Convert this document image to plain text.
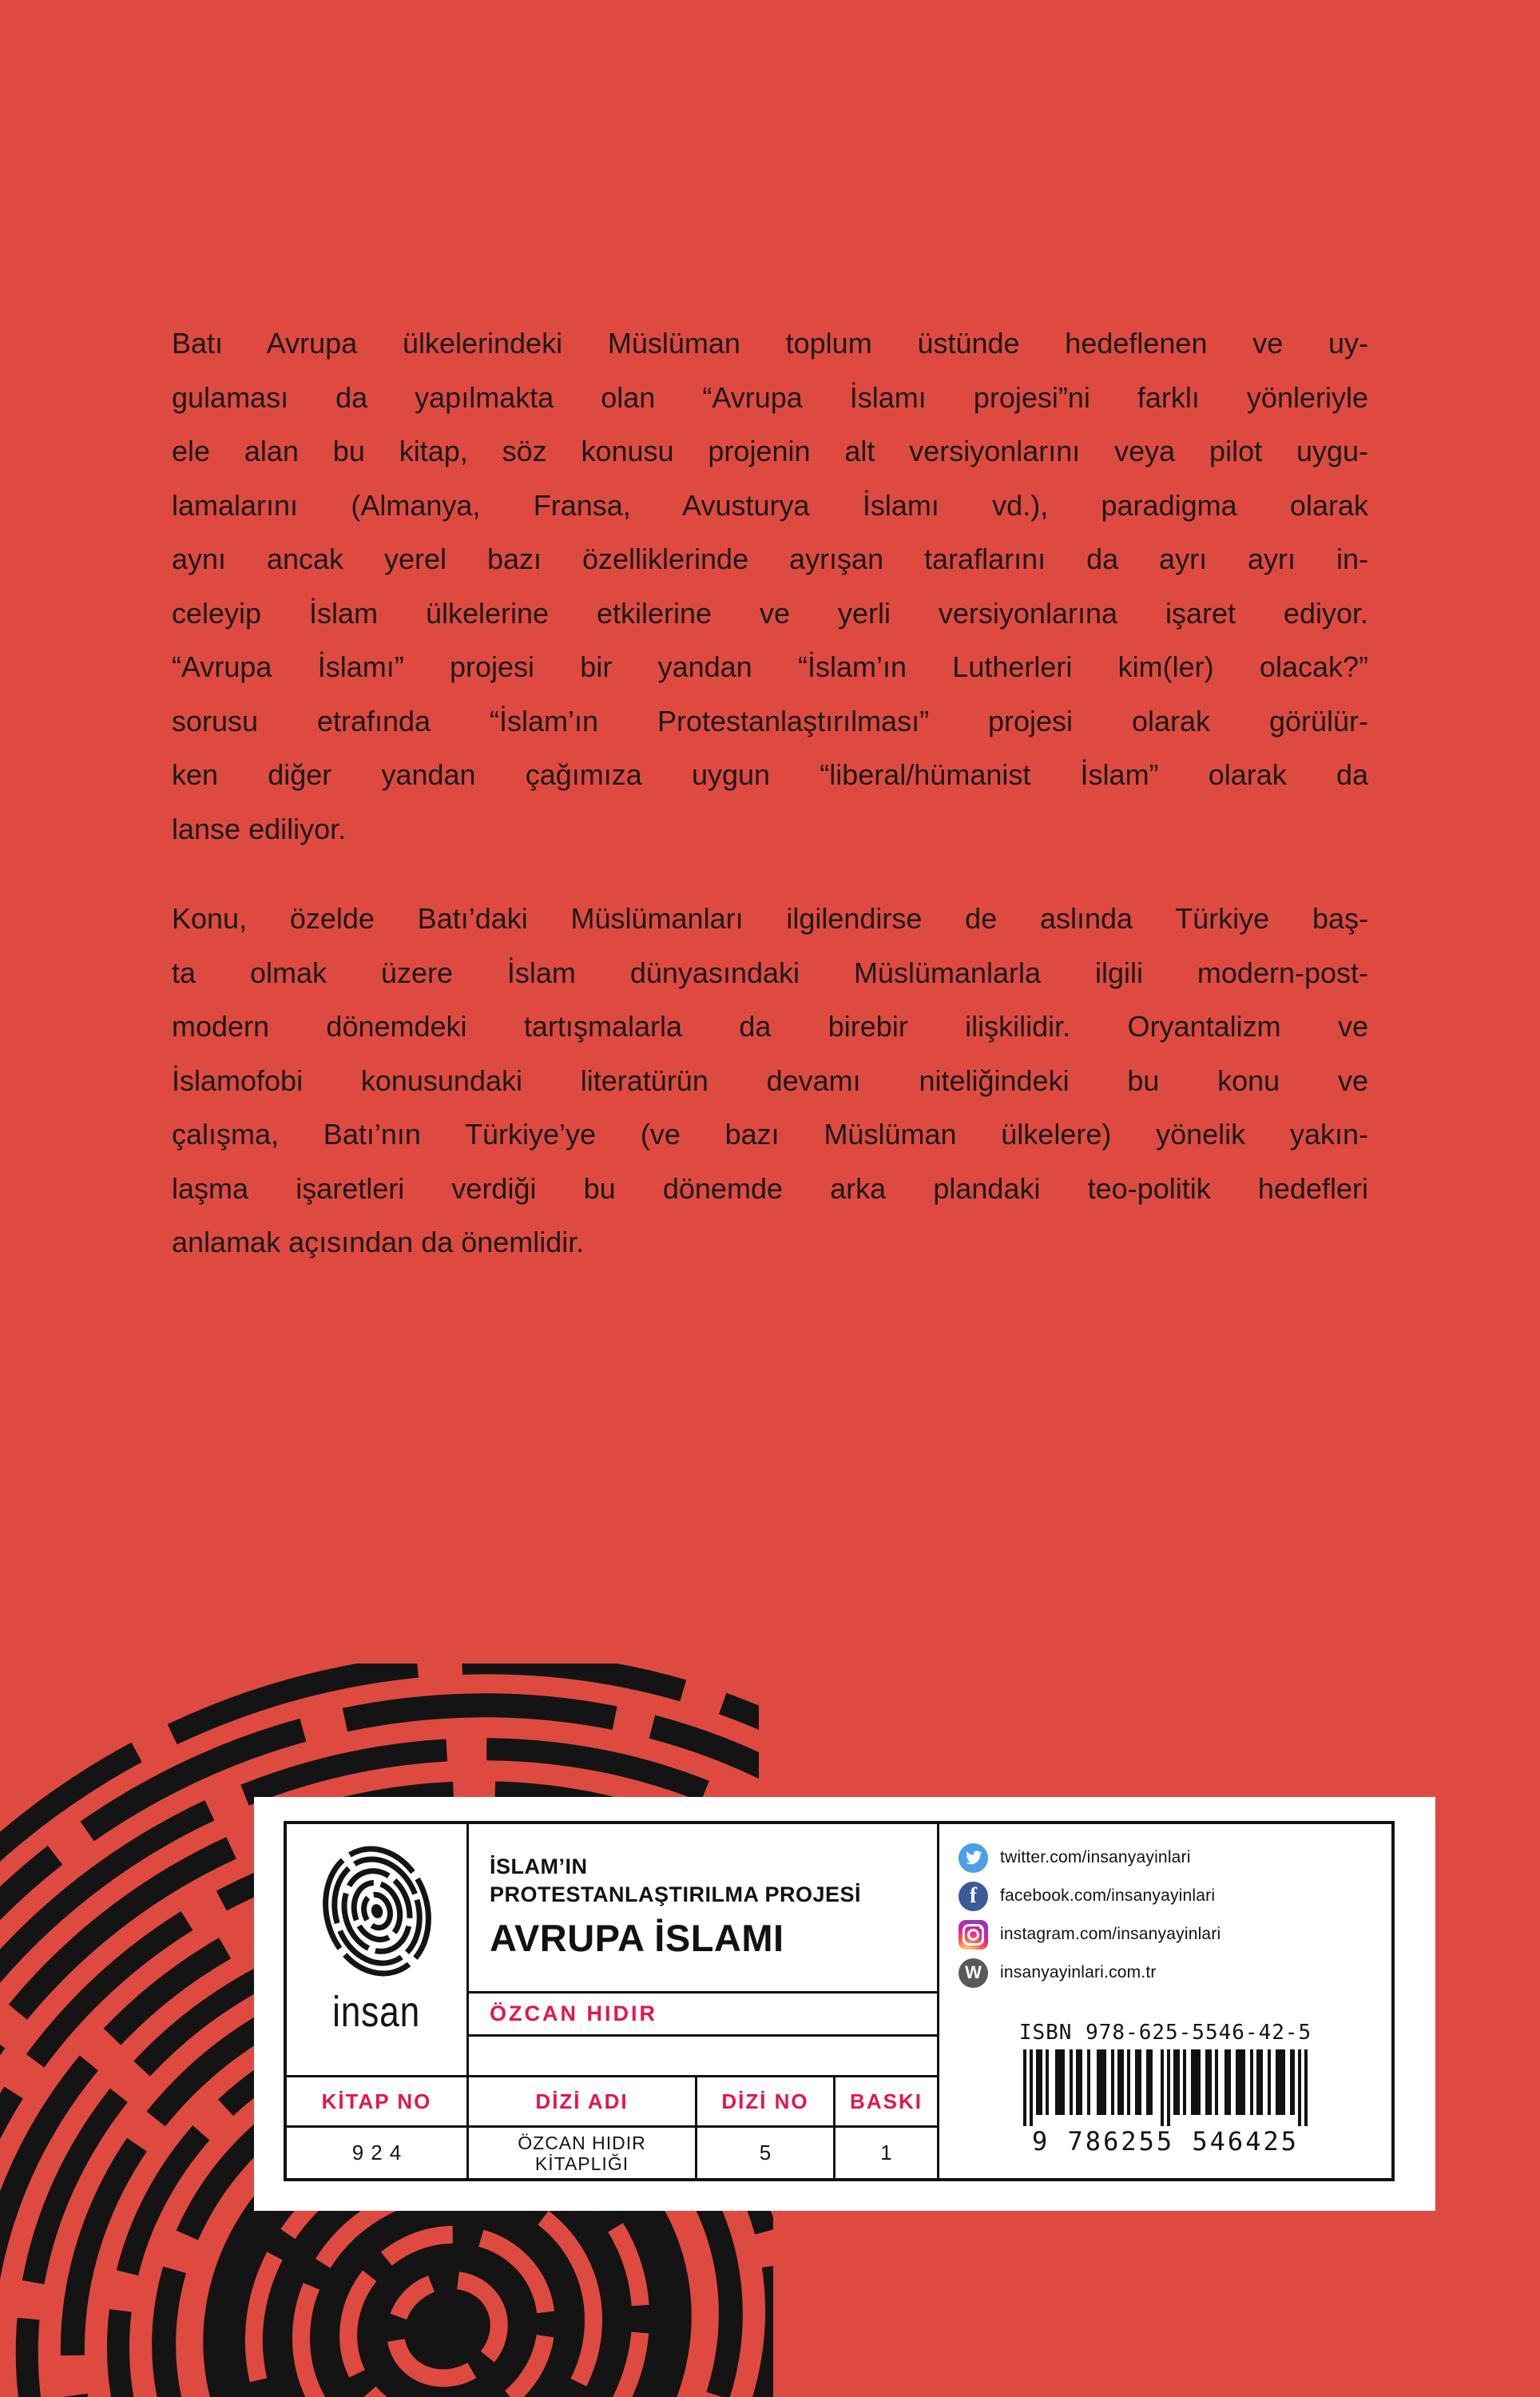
Batı Avrupa ülkelerindeki Müslüman toplum üstünde hedeflenen ve uy-
gulaması da yapılmakta olan “Avrupa İslamı projesi”ni farklı yönleriyle
ele alan bu kitap, söz konusu projenin alt versiyonlarını veya pilot uygu-
lamalarını (Almanya, Fransa, Avusturya İslamı vd.), paradigma olarak
aynı ancak yerel bazı özelliklerinde ayrışan taraflarını da ayrı ayrı in-
celeyip İslam ülkelerine etkilerine ve yerli versiyonlarına işaret ediyor.
“Avrupa İslamı” projesi bir yandan “İslam’ın Lutherleri kim(ler) olacak?”
sorusu etrafında “İslam’ın Protestanlaştırılması” projesi olarak görülür-
ken diğer yandan çağımıza uygun “liberal/hümanist İslam” olarak da
lanse ediliyor.
Konu, özelde Batı’daki Müslümanları ilgilendirse de aslında Türkiye baş-
ta olmak üzere İslam dünyasındaki Müslümanlarla ilgili modern-post-
modern dönemdeki tartışmalarla da birebir ilişkilidir. Oryantalizm ve
İslamofobi konusundaki literatürün devamı niteliğindeki bu konu ve
çalışma, Batı’nın Türkiye’ye (ve bazı Müslüman ülkelere) yönelik yakın-
laşma işaretleri verdiği bu dönemde arka plandaki teo-politik hedefleri
anlamak açısından da önemlidir.
insan
İSLAM’IN
PROTESTANLAŞTIRILMA PROJESİ
AVRUPA İSLAMI
ÖZCAN HIDIR
KİTAP NO	DİZİ ADI	DİZİ NO	BASKI
924	ÖZCAN HIDIR
KİTAPLIĞI	5	1
twitter.com/insanyayinlari
f
facebook.com/insanyayinlari
instagram.com/insanyayinlari
W
insanyayinlari.com.tr
ISBN 978-625-5546-42-5
9 786255 546425
